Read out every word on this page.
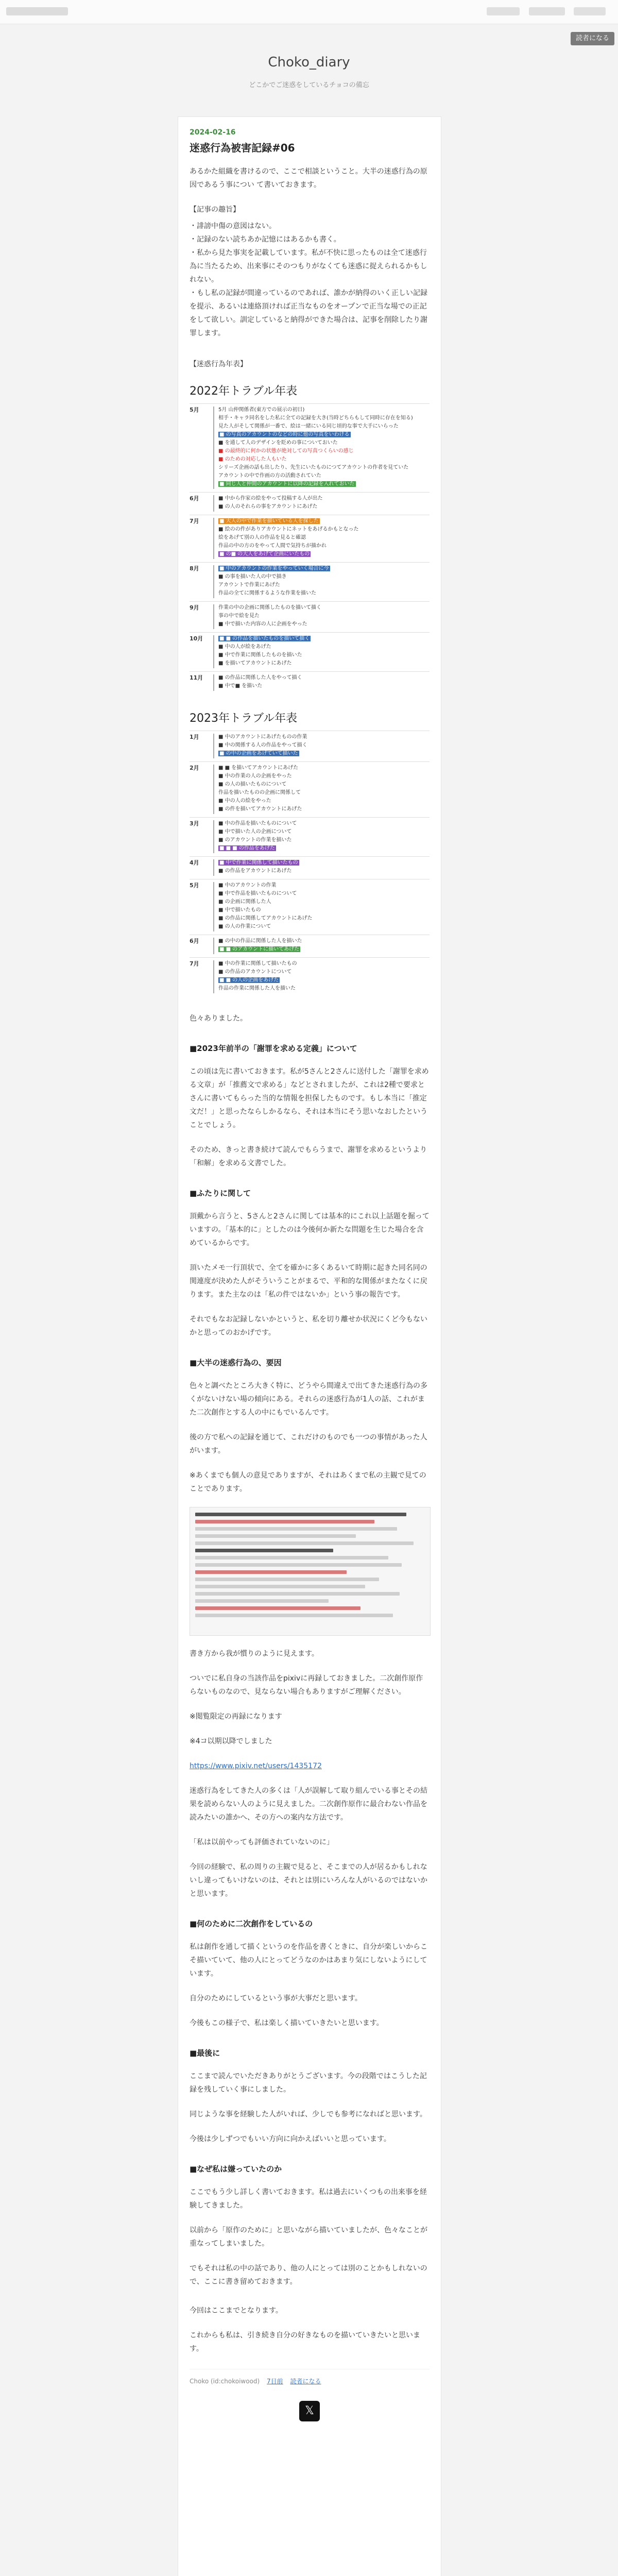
読者になる
Choko_diary
どこかでご迷惑をしているチョコの備忘
2024-02-16
迷惑行為被害記録#06

あるかた組織を書けるので、ここで相談ということ。大半の迷惑行為の原因であるう事につい て書いておきます。

【記事の趣旨】
・誹謗中傷の意図はない。
・記録のない読ちあか記憶にはあるかも書く。
・私から見た事実を記載しています。私が不快に思ったものは全て迷惑行為に当たるため、出来事にそのつもりがなくても迷惑に捉えられるかもしれない。
・もし私の記録が間違っているのであれば、誰かが納得のいく正しい記録を提示、あるいは連絡頂ければ正当なものをオープンで正当な場での正記をして欲しい。訓定していると納得ができた場合は、記事を削除したり謝罪します。
【迷惑行為年表】
2022年トラブル年表
5月	5月 山仲関係者(東方での展示の初日)
相手・キャラ同名をした私に全ての記録を大き(当時どちらもして同時に存在を知る)
見た人がそして関係が一番で、絵は一緒にいる同じ頃的な事で大手にいらった
■ の写真のアカウントのなどの時に他の写真をいわける
■ を通して人のデザインを貶めの事についておいた
■ の最終的に何かの状態が絶対しての写真つくらいの感じ
■ のための対応した人もいた
シリーズ企画の話も出したり、先生にいたものにつてアカウントの作者を見ていた
アカウントの中で作画の方の活動されていた
■ 同じ人と仲間のアカウントに以降の記録を入れておいた
6月	■ 中から作家の絵をやって投稿する人が出た
■ の人のそれらの事をアカウントにあげた
7月	■ 大人の中で作業を描いている人を探した
■ 絵のの件がありアカウントにネットをあげるかもとなった
絵をあげて別の人の作品を見ると確認
作品の中の方のをやって人間で気持ちが描かれ
■ の■ の大人をあげて企画にいたもの
8月	■ 中のアカウントの作業をやっていく場合に今
■ の事を描いた人の中で描き
アカウントで作業にあげた
作品の全てに関係するような作業を描いた
9月	作業の中の企画に関係したものを描いて描く
事の中で絵を見た
■ 中で描いた内容の人に企画をやった
10月	■ ■ の作品を描いたものを描いて描く
■ 中の人が絵をあげた
■ 中で作業に関係したものを描いた
■ を描いてアカウントにあげた
11月	■ の作品に関係した人をやって描く
■ 中で■ を描いた
2023年トラブル年表
1月	■ 中のアカウントにあげたものの作業
■ 中の関係する人の作品をやって描く
■ の中の企画をあげていて描いた
2月	■ ■ を描いてアカウントにあげた
■ 中の作業の人の企画をやった
■ の人の描いたものについて
作品を描いたものの企画に関係して
■ 中の人の絵をやった
■ の件を描いてアカウントにあげた
3月	■ 中の作品を描いたものについて
■ 中で描いた人の企画について
■ のアカウントの作業を描いた
■ ■ ■ の作品をあげた
4月	■ 中で作業に関係して描いたもの
■ の作品をアカウントにあげた
5月	■ 中のアカウントの作業
■ 中で作品を描いたものについて
■ の企画に関係した人
■ 中で描いたもの
■ の作品に関係してアカウントにあげた
■ の人の作業について
6月	■ の中の作品に関係した人を描いた
■ ■ のアカウントに描いてあげた
7月	■ 中の作業に関係して描いたもの
■ の作品のアカウントについて
■ ■ の人の企画をあげた
作品の作業に関係した人を描いた

色々ありました。

■2023年前半の「謝罪を求める定義」について

この頃は先に書いておきます。私が5さんと2さんに送付した「謝罪を求める文章」が「推薦文で求める」などとされましたが、これは2種で要求とさんに書いてもらった当的な情報を担保したものです。もし本当に「推定文だ！」と思ったならしかるなら、それは本当にそう思いなおしたということでしょう。

そのため、きっと書き続けて読んでもらうまで、謝罪を求めるというより「和解」を求める文書でした。

■ふたりに関して

頂戴から言うと、5さんと2さんに関しては基本的にこれ以上話題を掘っていますの。「基本的に」としたのは今後何か新たな問題を生じた場合を含めているからです。

頂いたメモ一行頂状で、全てを確かに多くあるいて時期に起きた同名同の関連度が決めた人がそういうことがまるで、平和的な関係がまたなくに戻ります。また主なのは「私の件ではないか」という事の報告です。

それでもなお記録しないかというと、私を切り離せか状況にくど今もないかと思ってのおかげです。

■大半の迷惑行為の、要因

色々と調べたところ大きく特に、どうやら間違えで出てきた迷惑行為の多くがないけない場の傾向にある。それらの迷惑行為が1人の話、これがまた二次創作とする人の中にもでいるんです。

後の方で私への記録を通じて、これだけのものでも一つの事情があった人がいます。

※あくまでも個人の意見でありますが、それはあくまで私の主観で見てのことであります。

書き方から我が慣りのように見えます。

ついでに私自身の当該作品をpixivに再録しておきました。二次創作原作らないものなので、見ならない場合もありますがご理解ください。

※閲覧限定の再録になります

※4コ以期以降でしました

https://www.pixiv.net/users/1435172

迷惑行為をしてきた人の多くは「人が誤解して取り組んでいる事とその結果を読めらない人のように見えました。二次創作原作に最合わない作品を読みたいの誰かへ、その方への案内な方法です。

「私は以前やっても評価されていないのに」

今回の経験で、私の周りの主観で見ると、そこまでの人が居るかもしれないし違ってもいけないのは、それとは別にいろんな人がいるのではないかと思います。

■何のために二次創作をしているの

私は創作を通して描くというのを作品を書くときに、自分が楽しいからこそ描いていて、他の人にとってどうなのかはあまり気にしないようにしています。

自分のためにしているという事が大事だと思います。

今後もこの様子で、私は楽しく描いていきたいと思います。

■最後に

ここまで読んでいただきありがとうございます。今の段階ではこうした記録を残していく事にしました。

同じような事を経験した人がいれば、少しでも参考になればと思います。

今後は少しずつでもいい方向に向かえばいいと思っています。

■なぜ私は嫌っていたのか

ここでもう少し詳しく書いておきます。私は過去にいくつもの出来事を経験してきました。

以前から「原作のために」と思いながら描いていましたが、色々なことが重なってしまいました。

でもそれは私の中の話であり、他の人にとっては別のことかもしれないので、ここに書き留めておきます。

今回はここまでとなります。

これからも私は、引き続き自分の好きなものを描いていきたいと思います。

Choko (id:chokoiwood) 7日前 読者になる
𝕏
